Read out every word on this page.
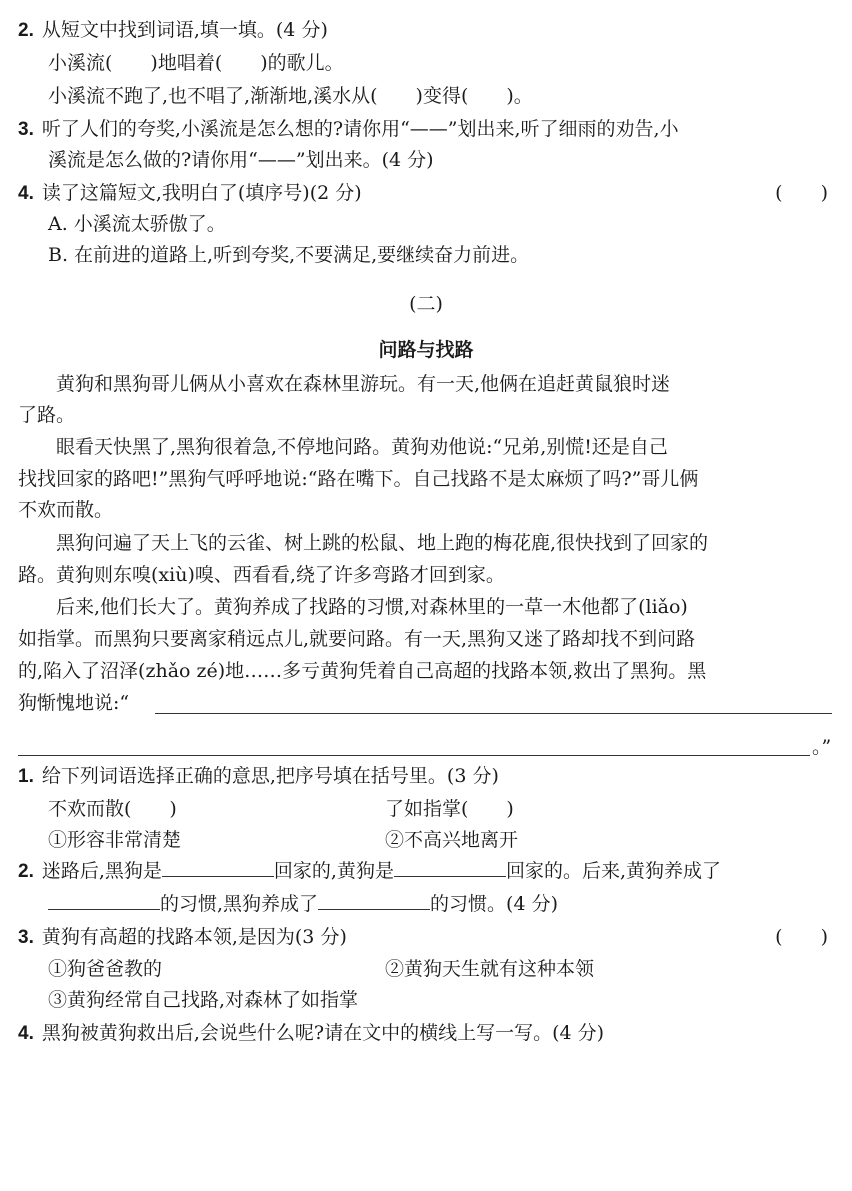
2. 从短文中找到词语,填一填。(4 分)
小溪流(　　)地唱着(　　)的歌儿。
小溪流不跑了,也不唱了,渐渐地,溪水从(　　)变得(　　)。
3. 听了人们的夸奖,小溪流是怎么想的?请你用“——”划出来,听了细雨的劝告,小
溪流是怎么做的?请你用“——”划出来。(4 分)
4. 读了这篇短文,我明白了(填序号)(2 分)	(　　)
A. 小溪流太骄傲了。
B. 在前进的道路上,听到夸奖,不要满足,要继续奋力前进。
(二)
问路与找路
　　黄狗和黑狗哥儿俩从小喜欢在森林里游玩。有一天,他俩在追赶黄鼠狼时迷
了路。
　　眼看天快黑了,黑狗很着急,不停地问路。黄狗劝他说:“兄弟,别慌!还是自己
找找回家的路吧!”黑狗气呼呼地说:“路在嘴下。自己找路不是太麻烦了吗?”哥儿俩
不欢而散。
　　黑狗问遍了天上飞的云雀、树上跳的松鼠、地上跑的梅花鹿,很快找到了回家的
路。黄狗则东嗅(xiù)嗅、西看看,绕了许多弯路才回到家。
　　后来,他们长大了。黄狗养成了找路的习惯,对森林里的一草一木他都了(liǎo)
如指掌。而黑狗只要离家稍远点儿,就要问路。有一天,黑狗又迷了路却找不到问路
的,陷入了沼泽(zhǎo zé)地……多亏黄狗凭着自己高超的找路本领,救出了黑狗。黑
狗惭愧地说:“
。”
1. 给下列词语选择正确的意思,把序号填在括号里。(3 分)
不欢而散(　　)	了如指掌(　　)
①形容非常清楚	②不高兴地离开
2. 迷路后,黑狗是	回家的,黄狗是	回家的。后来,黄狗养成了
的习惯,黑狗养成了	的习惯。(4 分)
3. 黄狗有高超的找路本领,是因为(3 分)	(　　)
①狗爸爸教的	②黄狗天生就有这种本领
③黄狗经常自己找路,对森林了如指掌
4. 黑狗被黄狗救出后,会说些什么呢?请在文中的横线上写一写。(4 分)
